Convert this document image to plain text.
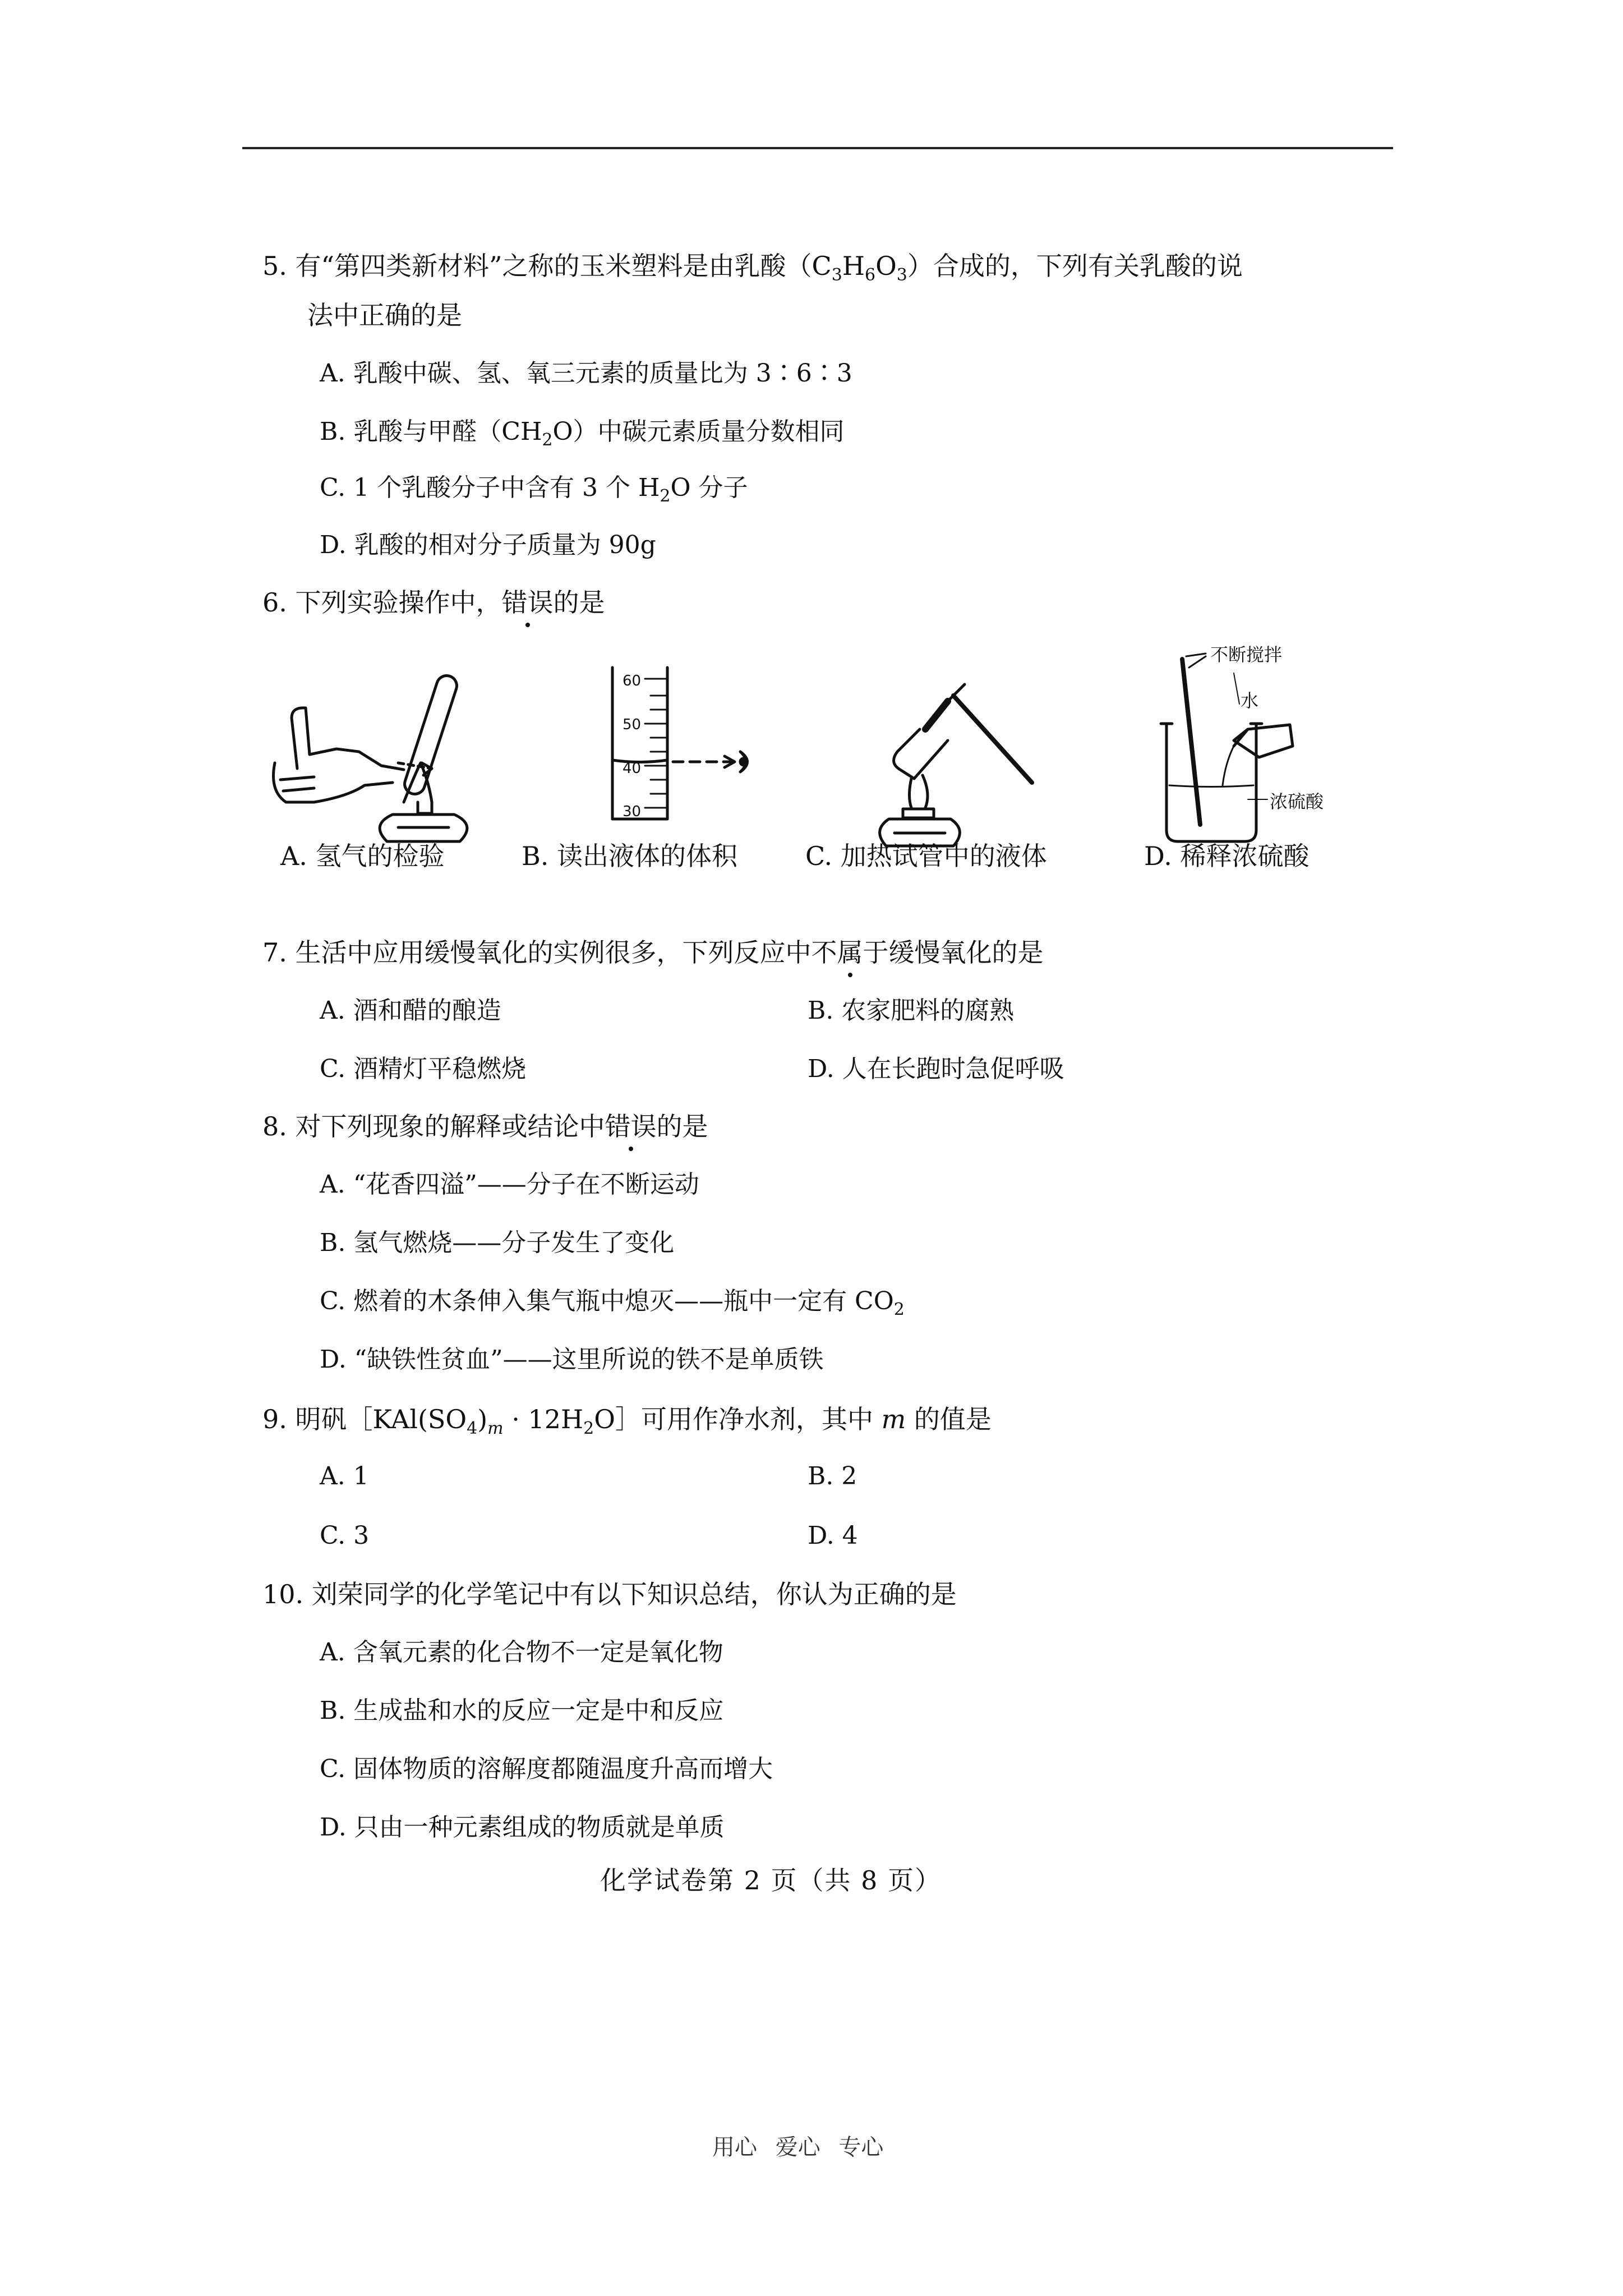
5. 有“第四类新材料”之称的玉米塑料是由乳酸$(C_3H_6O_3)$合成的，下列有关乳酸的说
法中正确的是
A. 乳酸中碳、氢、氧三元素的质量比为 3∶6∶3
B. 乳酸与甲醛$(CH_2O)$中碳元素质量分数相同
C. 1 个乳酸分子中含有 3 个 $H_2O$ 分子
D. 乳酸的相对分子质量为 90g
6. 下列实验操作中，错误的是
60
50
40
30
不断搅拌
水
浓硫酸
A. 氢气的检验	B. 读出液体的体积	C. 加热试管中的液体	D. 稀释浓硫酸
7. 生活中应用缓慢氧化的实例很多，下列反应中不属于缓慢氧化的是
A. 酒和醋的酿造	B. 农家肥料的腐熟
C. 酒精灯平稳燃烧	D. 人在长跑时急促呼吸
8. 对下列现象的解释或结论中错误的是
A. “花香四溢”——分子在不断运动
B. 氢气燃烧——分子发生了变化
C. 燃着的木条伸入集气瓶中熄灭——瓶中一定有 $CO_2$
D. “缺铁性贫血”——这里所说的铁不是单质铁
9. 明矾$[KAl(SO_4)_m$ · $12H_2O]$可用作净水剂，其中 m 的值是
A. 1	B. 2
C. 3	D. 4
10. 刘荣同学的化学笔记中有以下知识总结，你认为正确的是
A. 含氧元素的化合物不一定是氧化物
B. 生成盐和水的反应一定是中和反应
C. 固体物质的溶解度都随温度升高而增大
D. 只由一种元素组成的物质就是单质
化学试卷第 2 页（共 8 页）
用心 爱心 专心
